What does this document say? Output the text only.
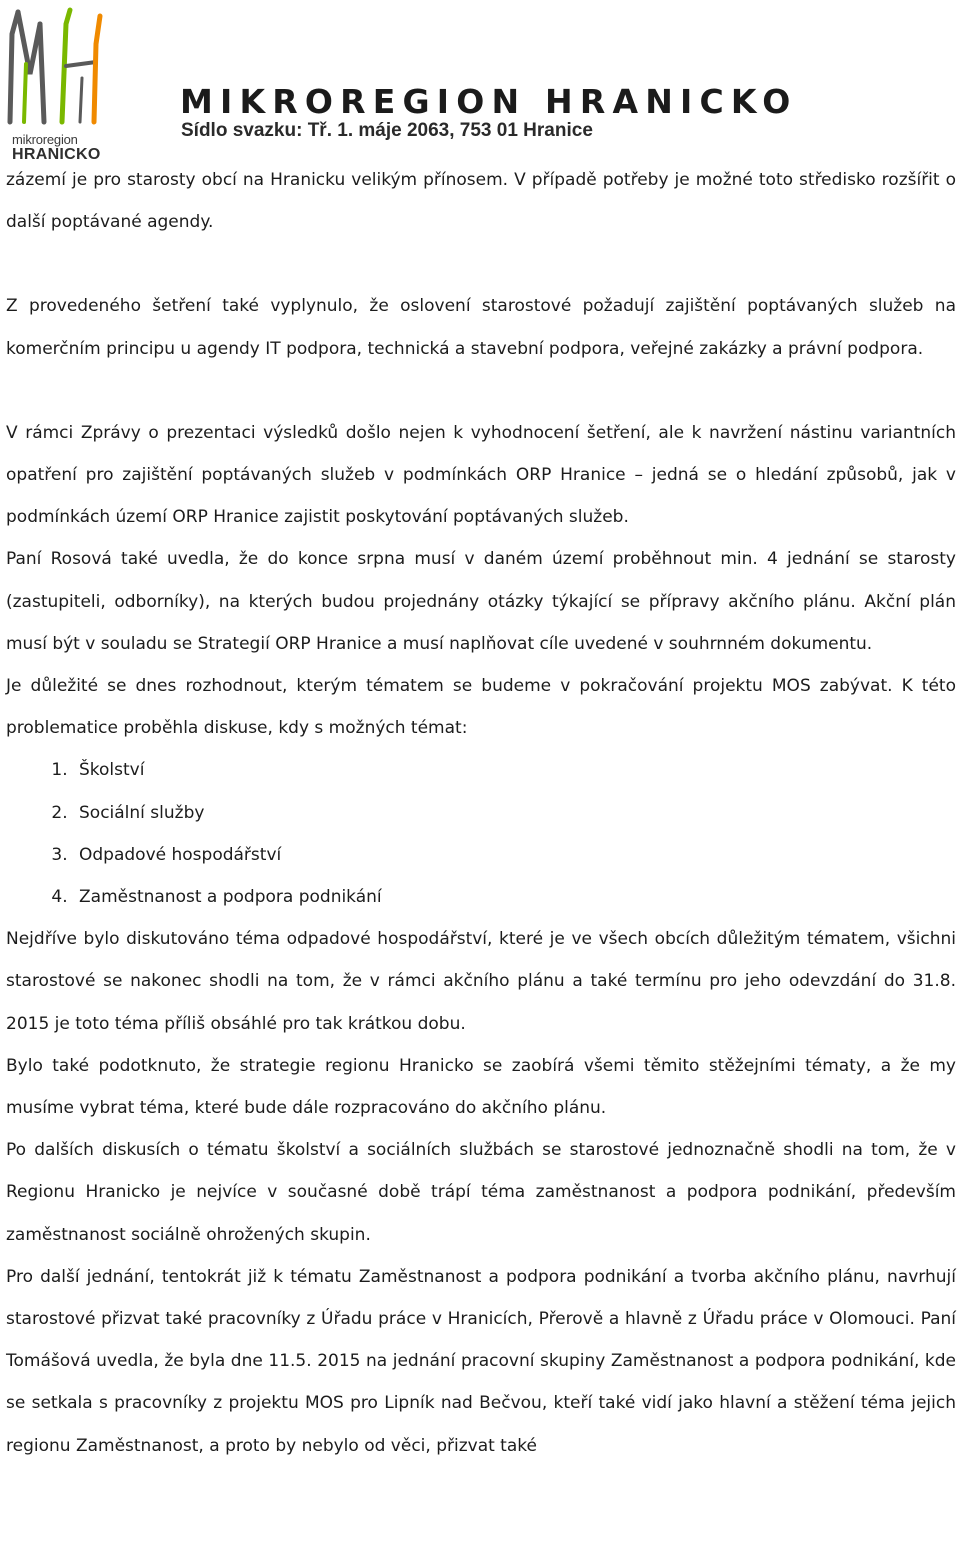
mikroregion
HRANICKO
MIKROREGION HRANICKO
Sídlo svazku: Tř. 1. máje 2063, 753 01 Hranice

zázemí je pro starosty obcí na Hranicku velikým přínosem. V případě potřeby je možné toto středisko rozšířit o další poptávané agendy.

Z provedeného šetření také vyplynulo, že oslovení starostové požadují zajištění poptávaných služeb na komerčním principu u agendy IT podpora, technická a stavební podpora, veřejné zakázky a právní podpora.

V rámci Zprávy o prezentaci výsledků došlo nejen k vyhodnocení šetření, ale k navržení nástinu variantních opatření pro zajištění poptávaných služeb v podmínkách ORP Hranice – jedná se o hledání způsobů, jak v podmínkách území ORP Hranice zajistit poskytování poptávaných služeb.

Paní Rosová také uvedla, že do konce srpna musí v daném území proběhnout min. 4 jednání se starosty (zastupiteli, odborníky), na kterých budou projednány otázky týkající se přípravy akčního plánu. Akční plán musí být v souladu se Strategií ORP Hranice a musí naplňovat cíle uvedené v souhrnném dokumentu.

Je důležité se dnes rozhodnout, kterým tématem se budeme v pokračování projektu MOS zabývat. K této problematice proběhla diskuse, kdy s možných témat:

1. Školství
2. Sociální služby
3. Odpadové hospodářství
4. Zaměstnanost a podpora podnikání

Nejdříve bylo diskutováno téma odpadové hospodářství, které je ve všech obcích důležitým tématem, všichni starostové se nakonec shodli na tom, že v rámci akčního plánu a také termínu pro jeho odevzdání do 31.8. 2015 je toto téma příliš obsáhlé pro tak krátkou dobu.

Bylo také podotknuto, že strategie regionu Hranicko se zaobírá všemi těmito stěžejními tématy, a že my musíme vybrat téma, které bude dále rozpracováno do akčního plánu.

Po dalších diskusích o tématu školství a sociálních službách se starostové jednoznačně shodli na tom, že v Regionu Hranicko je nejvíce v současné době trápí téma zaměstnanost a podpora podnikání, především zaměstnanost sociálně ohrožených skupin.

Pro další jednání, tentokrát již k tématu Zaměstnanost a podpora podnikání a tvorba akčního plánu, navrhují starostové přizvat také pracovníky z Úřadu práce v Hranicích, Přerově a hlavně z Úřadu práce v Olomouci. Paní Tomášová uvedla, že byla dne 11.5. 2015 na jednání pracovní skupiny Zaměstnanost a podpora podnikání, kde se setkala s pracovníky z projektu MOS pro Lipník nad Bečvou, kteří také vidí jako hlavní a stěžení téma jejich regionu Zaměstnanost, a proto by nebylo od věci, přizvat také
